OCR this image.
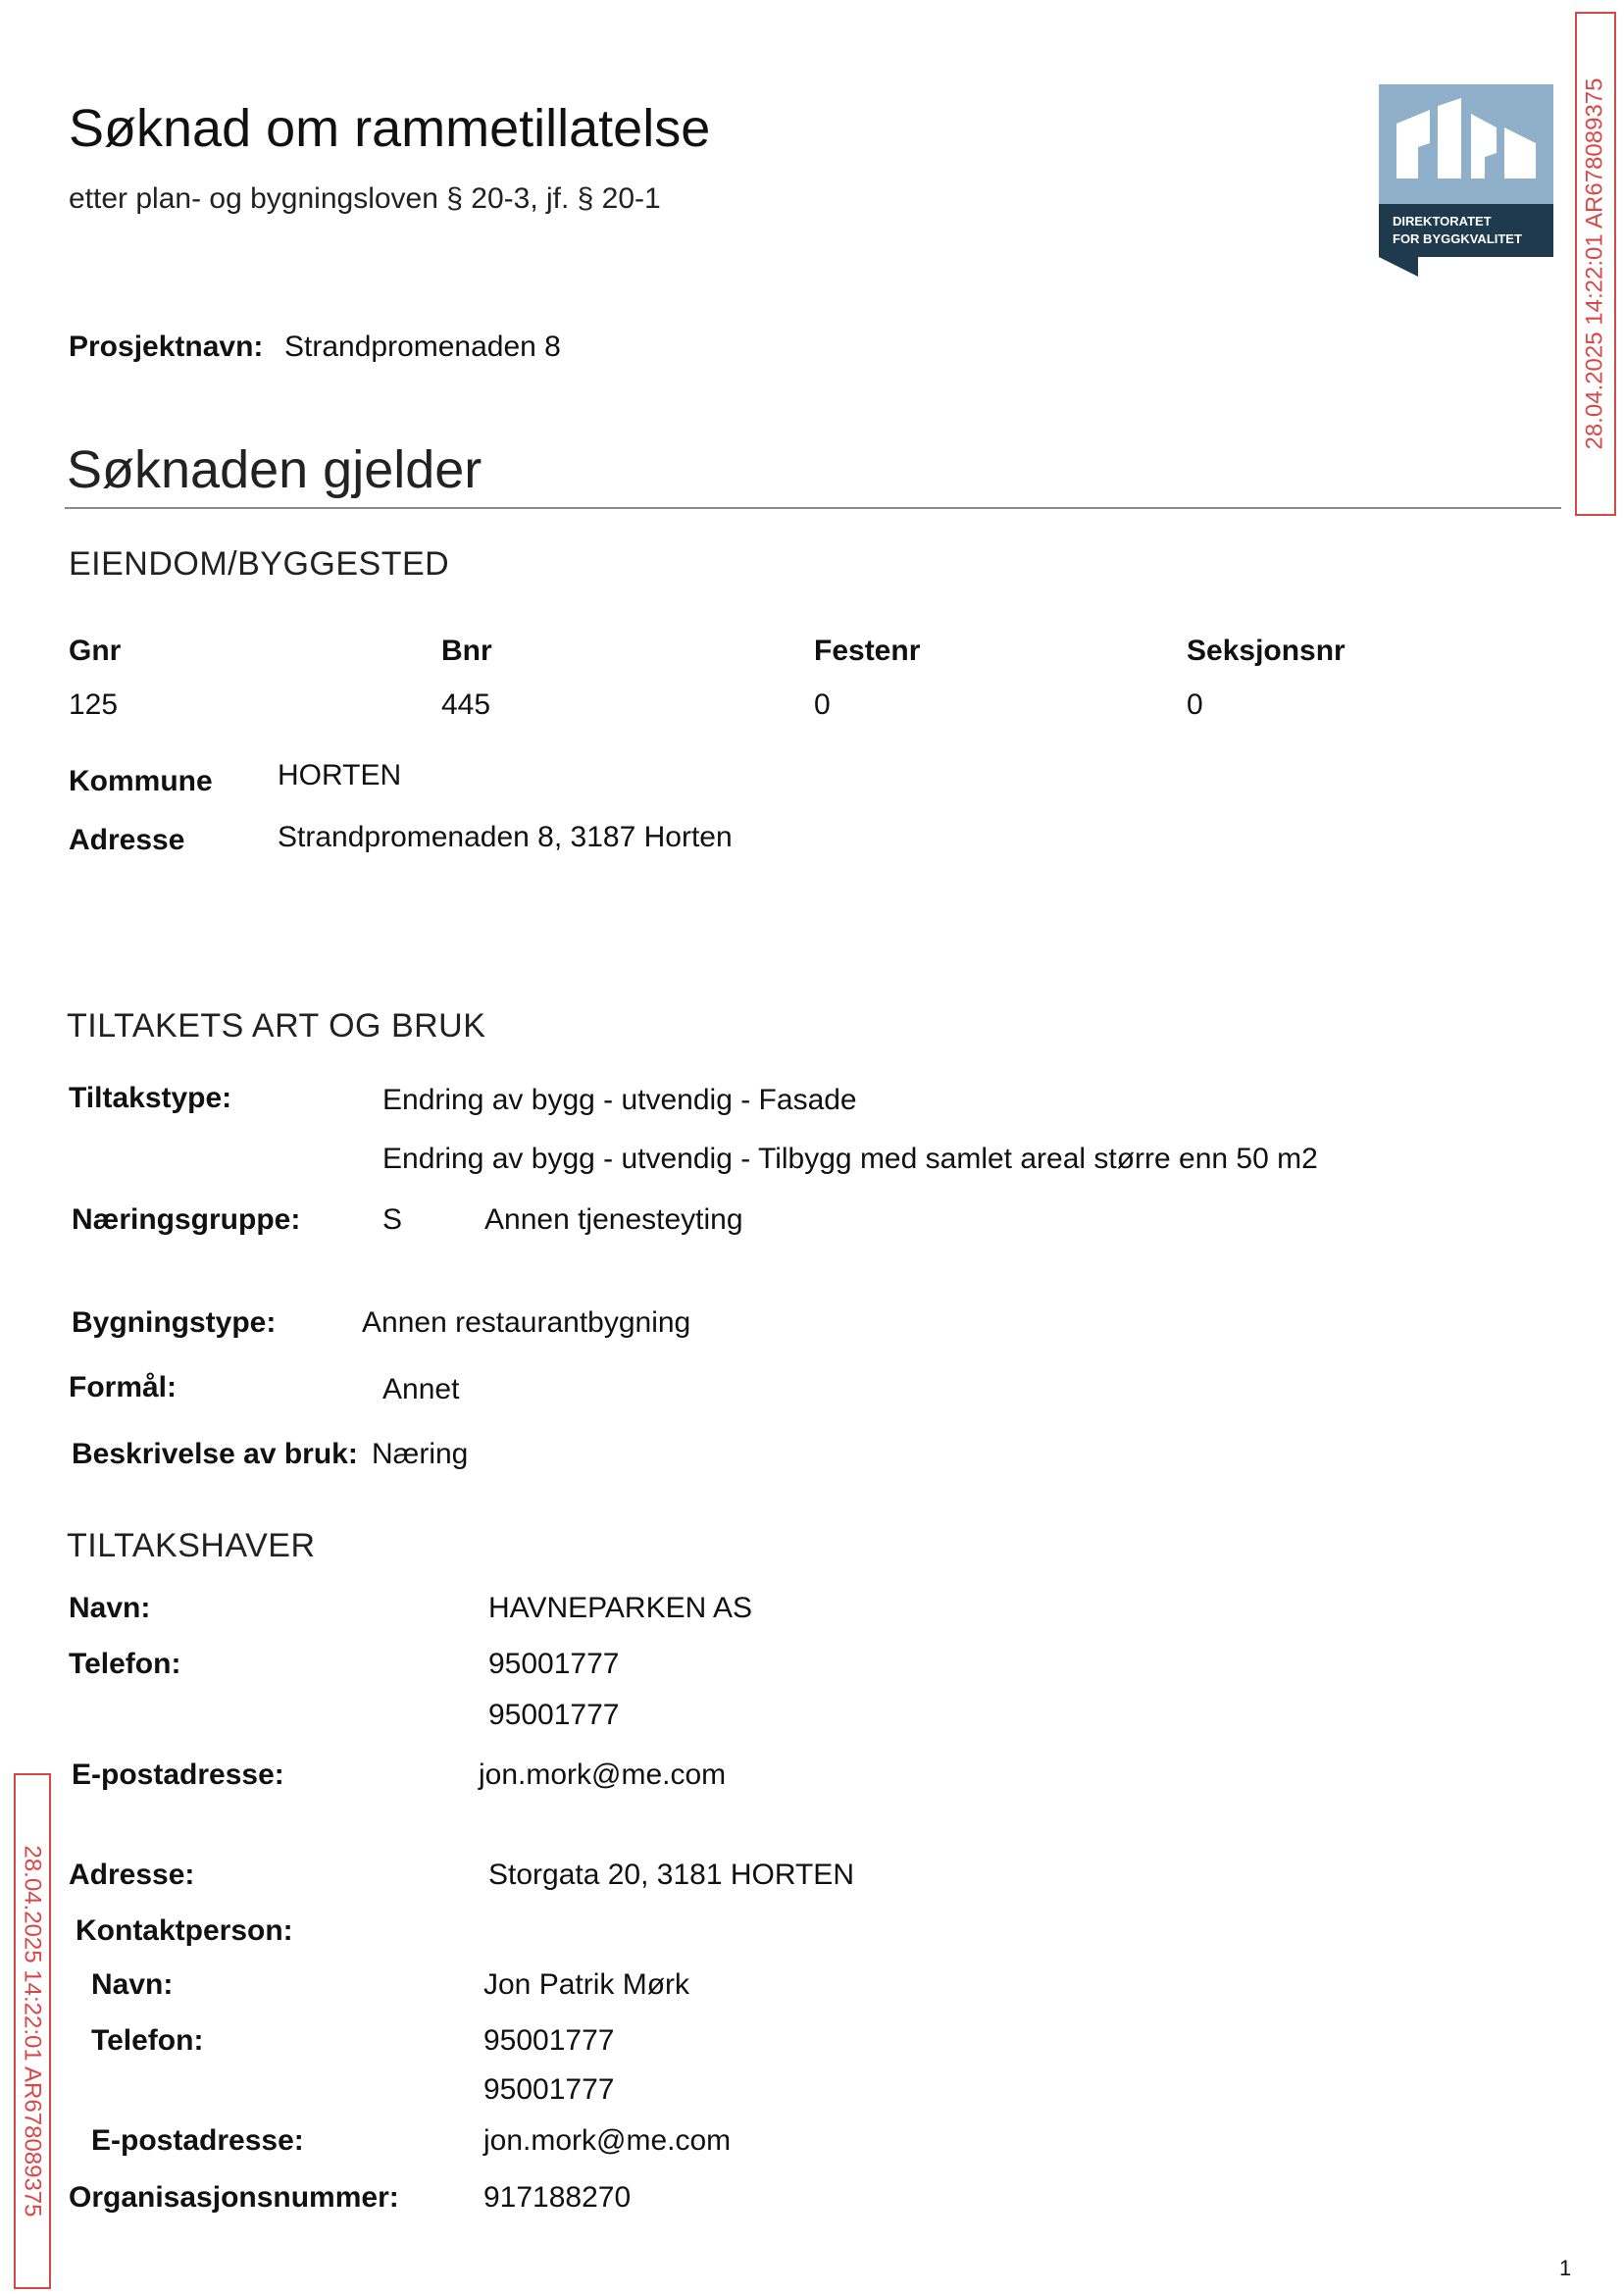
Søknad om rammetillatelse
etter plan- og bygningsloven § 20-3, jf. § 20-1
DIREKTORATET
FOR BYGGKVALITET	28.04.2025 14:22:01 AR678089375
28.04.2025 14:22:01 AR678089375
Prosjektnavn: Strandpromenaden 8
Søknaden gjelder
EIENDOM/BYGGESTED
Gnr	Bnr	Festenr	Seksjonsnr
125	445	0	0
Kommune HORTEN
Adresse	Strandpromenaden 8, 3187 Horten
TILTAKETS ART OG BRUK
Tiltakstype:	Endring av bygg - utvendig - Fasade
Endring av bygg - utvendig - Tilbygg med samlet areal større enn 50 m2
Næringsgruppe:	S	Annen tjenesteyting
Bygningstype:	Annen restaurantbygning
Formål:	Annet
Beskrivelse av bruk: Næring
TILTAKSHAVER
Navn:	HAVNEPARKEN AS
Telefon:	95001777
95001777
E-postadresse:	jon.mork@me.com
Adresse:	Storgata 20, 3181 HORTEN
Kontaktperson:
Navn:	Jon Patrik Mørk
Telefon:	95001777
95001777
E-postadresse:	jon.mork@me.com
Organisasjonsnummer:	917188270
1
